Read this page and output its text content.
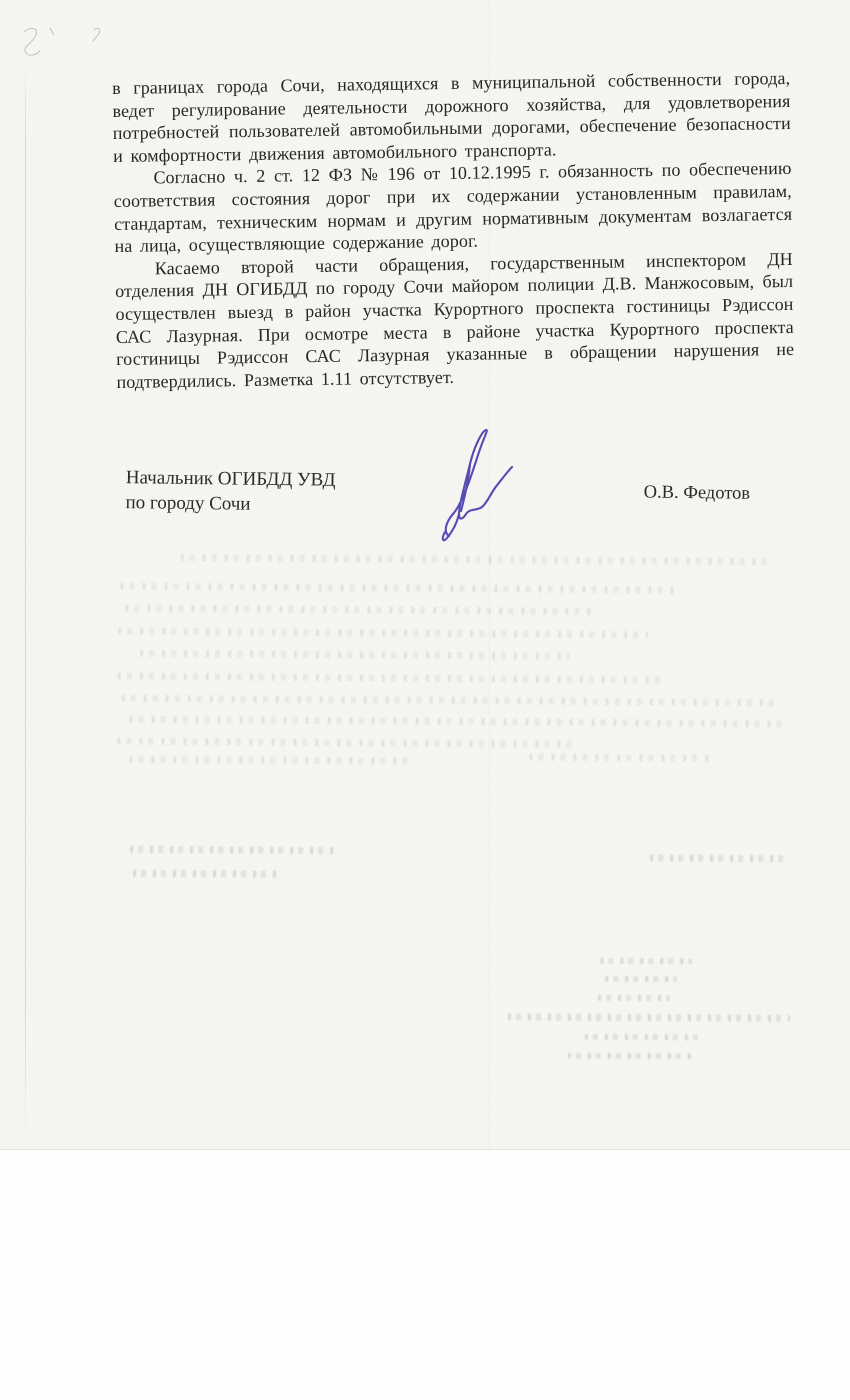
в границах города Сочи, находящихся в муниципальной собственности города, ведет регулирование деятельности дорожного хозяйства, для удовлетворения потребностей пользователей автомобильными дорогами, обеспечение безопасности и комфортности движения автомобильного транспорта.

Согласно ч. 2 ст. 12 ФЗ № 196 от 10.12.1995 г. обязанность по обеспечению соответствия состояния дорог при их содержании установленным правилам, стандартам, техническим нормам и другим нормативным документам возлагается на лица, осуществляющие содержание дорог.

Касаемо второй части обращения, государственным инспектором ДН отделения ДН ОГИБДД по городу Сочи майором полиции Д.В. Манжосовым, был осуществлен выезд в район участка Курортного проспекта гостиницы Рэдиссон САС Лазурная. При осмотре места в районе участка Курортного проспекта гостиницы Рэдиссон САС Лазурная указанные в обращении нарушения не подтвердились. Разметка 1.11 отсутствует.

Начальник ОГИБДД УВД
по городу Сочи	О.В. Федотов
